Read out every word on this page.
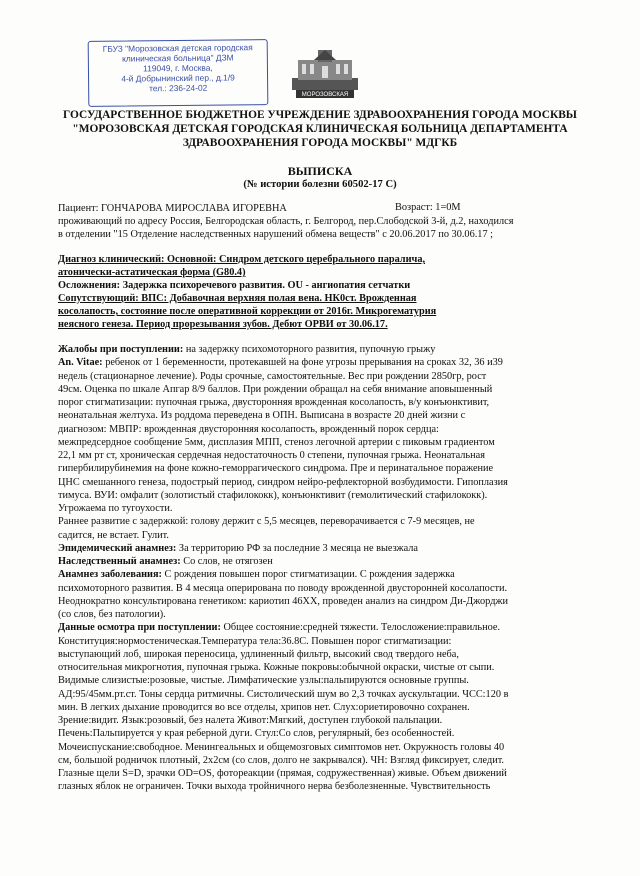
ГБУЗ "Морозовская детская городская
клиническая больница" ДЗМ
119049, г. Москва,
4-й Добрынинский пер., д.1/9
тел.: 236-24-02
МОРОЗОВСКАЯ
ГОСУДАРСТВЕННОЕ БЮДЖЕТНОЕ УЧРЕЖДЕНИЕ ЗДРАВООХРАНЕНИЯ ГОРОДА МОСКВЫ
"МОРОЗОВСКАЯ ДЕТСКАЯ ГОРОДСКАЯ КЛИНИЧЕСКАЯ БОЛЬНИЦА ДЕПАРТАМЕНТА
ЗДРАВООХРАНЕНИЯ ГОРОДА МОСКВЫ" МДГКБ
ВЫПИСКА
(№ истории болезни 60502-17 С)
Пациент: ГОНЧАРОВА МИРОСЛАВА ИГОРЕВНА	Возраст: 1=0М
проживающий по адресу Россия, Белгородская область, г. Белгород, пер.Слободской 3-й, д.2, находился
в отделении "15 Отделение наследственных нарушений обмена веществ" с 20.06.2017 по 30.06.17 ;
Диагноз клинический: Основной: Синдром детского церебрального паралича,
атонически-астатическая форма (G80.4)
Осложнения: Задержка психоречевого развития. OU - ангиопатия сетчатки
Сопутствующий: ВПС: Добавочная верхняя полая вена. НК0ст. Врожденная
косолапость, состояние после оперативной коррекции от 2016г. Микрогематурия
неясного генеза. Период прорезывания зубов. Дебют ОРВИ от 30.06.17.
Жалобы при поступлении: на задержку психомоторного развития, пупочную грыжу
An. Vitae: ребенок от 1 беременности, протекавшей на фоне угрозы прерывания на сроках 32, 36 и39
недель (стационарное лечение). Роды срочные, самостоятельные. Вес при рождении 2850гр, рост
49см. Оценка по шкале Апгар 8/9 баллов. При рождении обращал на себя внимание аповышенный
порог стигматизации: пупочная грыжа, двусторонняя врожденная косолапость, в/у конъюнктивит,
неонатальная желтуха. Из роддома переведена в ОПН. Выписана в возрасте 20 дней жизни с
диагнозом: МВПР: врожденная двусторонняя косолапость, врожденный порок сердца:
межпредсердное сообщение 5мм, дисплазия МПП, стеноз легочной артерии с пиковым градиентом
22,1 мм рт ст, хроническая сердечная недостаточность 0 степени, пупочная грыжа. Неонатальная
гипербилирубинемия на фоне кожно-геморрагического синдрома. Пре и перинатальное поражение
ЦНС смешанного генеза, подострый период, синдром нейро-рефлекторной возбудимости. Гипоплазия
тимуса. ВУИ: омфалит (золотистый стафилококк), конъюнктивит (гемолитический стафилококк).
Угрожаема по тугоухости.
Раннее развитие с задержкой: голову держит с 5,5 месяцев, переворачивается с 7-9 месяцев, не
садится, не встает. Гулит.
Эпидемический анамнез: За территорию РФ за последние 3 месяца не выезжала
Наследственный анамнез: Со слов, не отягозен
Анамнез заболевания: С рождения повышен порог стигматизации. С рождения задержка
психомоторного развития. В 4 месяца оперирована по поводу врожденной двусторонней косолапости.
Неоднократно консультирована генетиком: кариотип 46ХХ, проведен анализ на синдром Ди-Джорджи
(со слов, без патологии).
Данные осмотра при поступлении: Общее состояние:средней тяжести. Телосложение:правильное.
Конституция:нормостеническая.Температура тела:36.8С. Повышен порог стигматизации:
выступающий лоб, широкая переносица, удлиненный фильтр, высокий свод твердого неба,
относительная микрогнотия, пупочная грыжа. Кожные покровы:обычной окраски, чистые от сыпи.
Видимые слизистые:розовые, чистые. Лимфатические узлы:пальпируются основные группы.
АД:95/45мм.рт.ст. Тоны сердца ритмичны. Систолический шум во 2,3 точках аускультации. ЧСС:120 в
мин. В легких дыхание проводится во все отделы, хрипов нет. Слух:ориетировочно сохранен.
Зрение:видит. Язык:розовый, без налета Живот:Мягкий, доступен глубокой пальпации.
Печень:Пальпируется у края реберной дуги. Стул:Со слов, регулярный, без особенностей.
Мочеиспускание:свободное. Менингеальных и общемозговых симптомов нет. Окружность головы 40
см, большой родничок плотный, 2х2см (со слов, долго не закрывался). ЧН: Взгляд фиксирует, следит.
Глазные щели S=D, зрачки OD=OS, фотореакции (прямая, содружественная) живые. Объем движений
глазных яблок не ограничен. Точки выхода тройничного нерва безболезненные. Чувствительность
